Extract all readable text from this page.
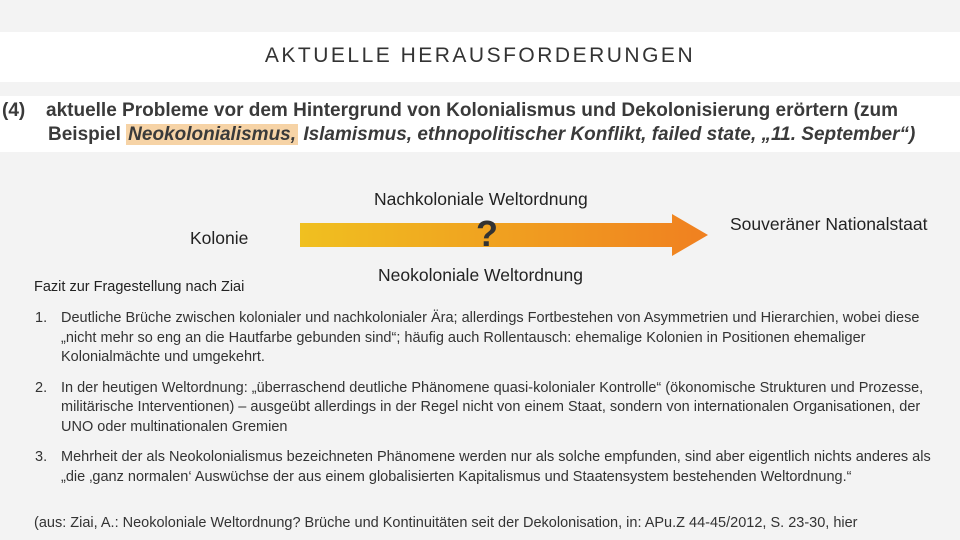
AKTUELLE HERAUSFORDERUNGEN
(4) aktuelle Probleme vor dem Hintergrund von Kolonialismus und Dekolonisierung erörtern (zum
Beispiel Neokolonialismus, Islamismus, ethnopolitischer Konflikt, failed state, „11. September“)
Nachkoloniale Weltordnung
Kolonie
Souveräner Nationalstaat
Neokoloniale Weltordnung
?
Fazit zur Fragestellung nach Ziai
1. Deutliche Brüche zwischen kolonialer und nachkolonialer Ära; allerdings Fortbestehen von Asymmetrien und Hierarchien, wobei diese „nicht mehr so eng an die Hautfarbe gebunden sind“; häufig auch Rollentausch: ehemalige Kolonien in Positionen ehemaliger Kolonialmächte und umgekehrt.
2. In der heutigen Weltordnung: „überraschend deutliche Phänomene quasi-kolonialer Kontrolle“ (ökonomische Strukturen und Prozesse, militärische Interventionen) – ausgeübt allerdings in der Regel nicht von einem Staat, sondern von internationalen Organisationen, der UNO oder multinationalen Gremien
3. Mehrheit der als Neokolonialismus bezeichneten Phänomene werden nur als solche empfunden, sind aber eigentlich nichts anderes als „die ‚ganz normalen‘ Auswüchse der aus einem globalisierten Kapitalismus und Staatensystem bestehenden Weltordnung.“
(aus: Ziai, A.: Neokoloniale Weltordnung? Brüche und Kontinuitäten seit der Dekolonisation, in: APu.Z 44-45/2012, S. 23-30, hier
